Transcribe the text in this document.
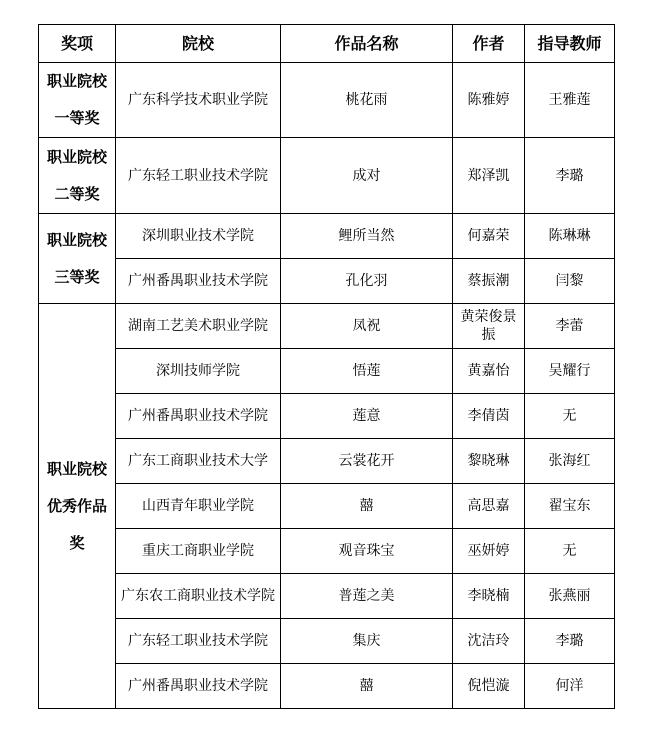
奖项	院校	作品名称	作者	指导教师

职业院校一等奖	广东科学技术职业学院	桃花雨	陈雅婷	王雅莲

职业院校二等奖	广东轻工职业技术学院	成对	郑泽凯	李璐

职业院校三等奖	深圳职业技术学院	鲤所当然	何嘉荣	陈琳琳
	广州番禺职业技术学院	孔化羽	蔡振潮	闫黎

职业院校优秀作品奖	湖南工艺美术职业学院	凤祝	黄荣俊景振	李蕾
	深圳技师学院	悟莲	黄嘉怡	吴耀行
	广州番禺职业技术学院	莲意	李倩茵	无
	广东工商职业技术大学	云裳花开	黎晓琳	张海红
	山西青年职业学院	囍	高思嘉	翟宝东
	重庆工商职业学院	观音珠宝	巫妍婷	无
	广东农工商职业技术学院	普莲之美	李晓楠	张燕丽
	广东轻工职业技术学院	集庆	沈洁玲	李璐
	广州番禺职业技术学院	囍	倪恺漩	何洋
